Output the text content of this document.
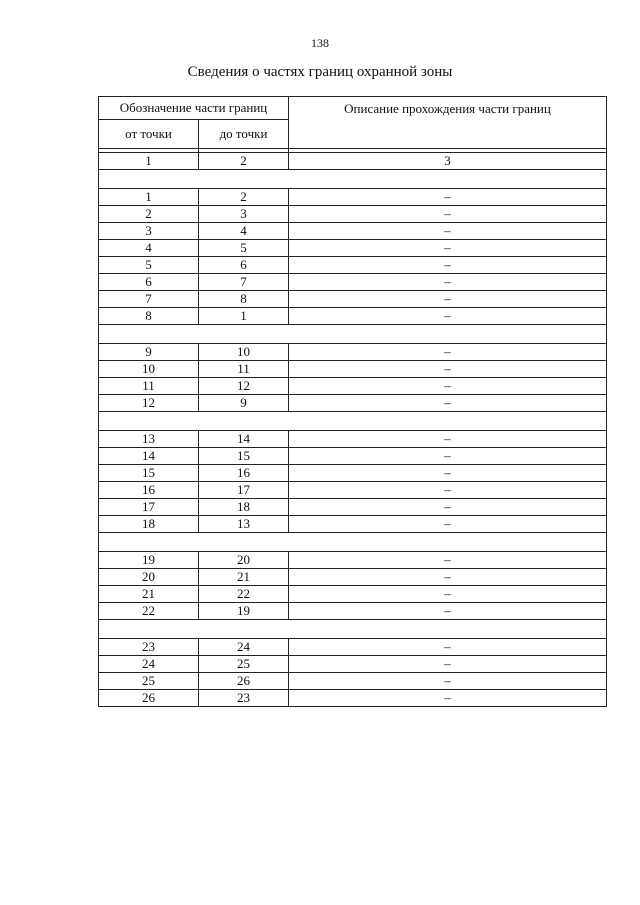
138
Сведения о частях границ охранной зоны
Обозначение части границ		Описание прохождения части границ
от точки	до точки	

1	2	3

1	2	–
2	3	–
3	4	–
4	5	–
5	6	–
6	7	–
7	8	–
8	1	–

9	10	–
10	11	–
11	12	–
12	9	–

13	14	–
14	15	–
15	16	–
16	17	–
17	18	–
18	13	–

19	20	–
20	21	–
21	22	–
22	19	–

23	24	–
24	25	–
25	26	–
26	23	–
